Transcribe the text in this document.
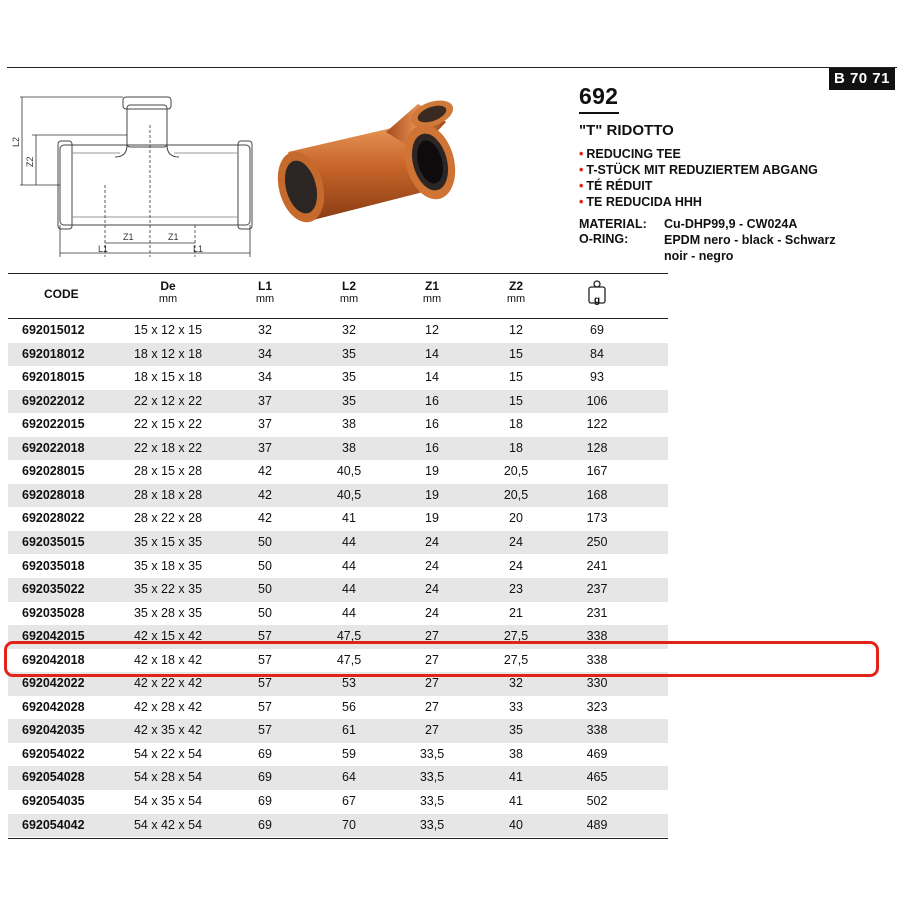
B 70 71
L2
Z2
Z1	Z1
L1	L1
692
"T" RIDOTTO
• REDUCING TEE
• T-STÜCK MIT REDUZIERTEM ABGANG
• TÉ RÉDUIT
• TE REDUCIDA HHH
MATERIAL: Cu-DHP99,9 - CW024A
O-RING:	EPDM nero - black - Schwarz
noir - negro
CODE
De
mm
L1
mm
L2
mm
Z1
mm
Z2
mm	g
692015012	15 x 12 x 15	32	32	12	12	69
692018012	18 x 12 x 18	34	35	14	15	84
692018015	18 x 15 x 18	34	35	14	15	93
692022012	22 x 12 x 22	37	35	16	15	106
692022015	22 x 15 x 22	37	38	16	18	122
692022018	22 x 18 x 22	37	38	16	18	128
692028015	28 x 15 x 28	42	40,5	19	20,5	167
692028018	28 x 18 x 28	42	40,5	19	20,5	168
692028022	28 x 22 x 28	42	41	19	20	173
692035015	35 x 15 x 35	50	44	24	24	250
692035018	35 x 18 x 35	50	44	24	24	241
692035022	35 x 22 x 35	50	44	24	23	237
692035028	35 x 28 x 35	50	44	24	21	231
692042015	42 x 15 x 42	57	47,5	27	27,5	338
692042018	42 x 18 x 42	57	47,5	27	27,5	338
692042022	42 x 22 x 42	57	53	27	32	330
692042028	42 x 28 x 42	57	56	27	33	323
692042035	42 x 35 x 42	57	61	27	35	338
692054022	54 x 22 x 54	69	59	33,5	38	469
692054028	54 x 28 x 54	69	64	33,5	41	465
692054035	54 x 35 x 54	69	67	33,5	41	502
692054042	54 x 42 x 54	69	70	33,5	40	489
